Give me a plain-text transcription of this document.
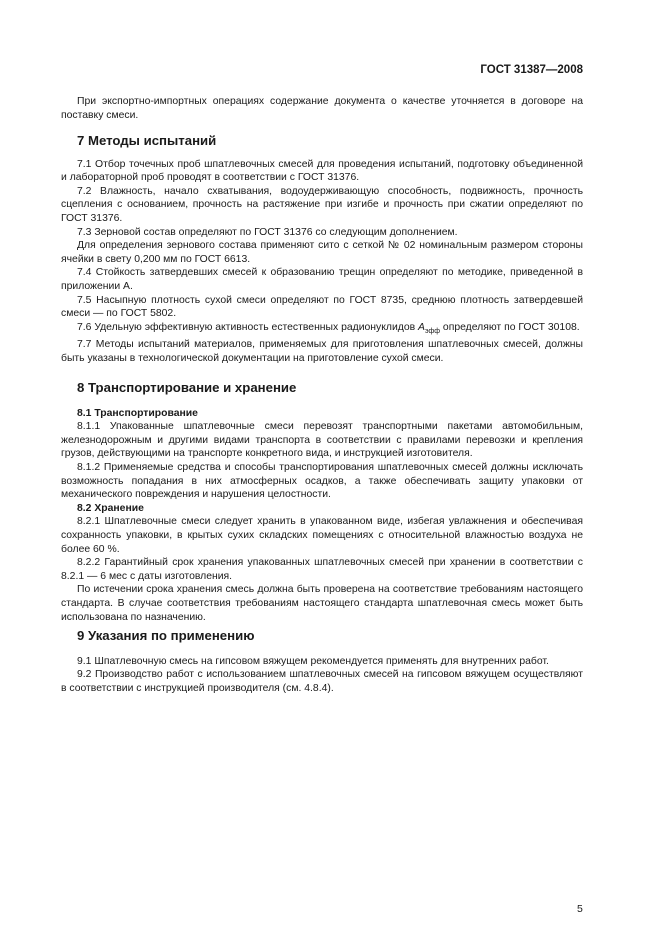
ГОСТ 31387—2008

При экспортно-импортных операциях содержание документа о качестве уточняется в договоре на поставку смеси.

7 Методы испытаний

7.1 Отбор точечных проб шпатлевочных смесей для проведения испытаний, подготовку объединенной и лабораторной проб проводят в соответствии с ГОСТ 31376.

7.2 Влажность, начало схватывания, водоудерживающую способность, подвижность, прочность сцепления с основанием, прочность на растяжение при изгибе и прочность при сжатии определяют по ГОСТ 31376.

7.3 Зерновой состав определяют по ГОСТ 31376 со следующим дополнением.

Для определения зернового состава применяют сито с сеткой № 02 номинальным размером стороны ячейки в свету 0,200 мм по ГОСТ 6613.

7.4 Стойкость затвердевших смесей к образованию трещин определяют по методике, приведенной в приложении А.

7.5 Насыпную плотность сухой смеси определяют по ГОСТ 8735, среднюю плотность затвердевшей смеси — по ГОСТ 5802.

7.6 Удельную эффективную активность естественных радионуклидов $A_{эфф}$ определяют по ГОСТ 30108.

7.7 Методы испытаний материалов, применяемых для приготовления шпатлевочных смесей, должны быть указаны в технологической документации на приготовление сухой смеси.

8 Транспортирование и хранение
8.1 Транспортирование

8.1.1 Упакованные шпатлевочные смеси перевозят транспортными пакетами автомобильным, железнодорожным и другими видами транспорта в соответствии с правилами перевозки и крепления грузов, действующими на транспорте конкретного вида, и инструкцией изготовителя.

8.1.2 Применяемые средства и способы транспортирования шпатлевочных смесей должны исключать возможность попадания в них атмосферных осадков, а также обеспечивать защиту упаковки от механического повреждения и нарушения целостности.

8.2 Хранение

8.2.1 Шпатлевочные смеси следует хранить в упакованном виде, избегая увлажнения и обеспечивая сохранность упаковки, в крытых сухих складских помещениях с относительной влажностью воздуха не более 60 %.

8.2.2 Гарантийный срок хранения упакованных шпатлевочных смесей при хранении в соответствии с 8.2.1 — 6 мес с даты изготовления.

По истечении срока хранения смесь должна быть проверена на соответствие требованиям настоящего стандарта. В случае соответствия требованиям настоящего стандарта шпатлевочная смесь может быть использована по назначению.

9 Указания по применению

9.1 Шпатлевочную смесь на гипсовом вяжущем рекомендуется применять для внутренних работ.

9.2 Производство работ с использованием шпатлевочных смесей на гипсовом вяжущем осуществляют в соответствии с инструкцией производителя (см. 4.8.4).

5
